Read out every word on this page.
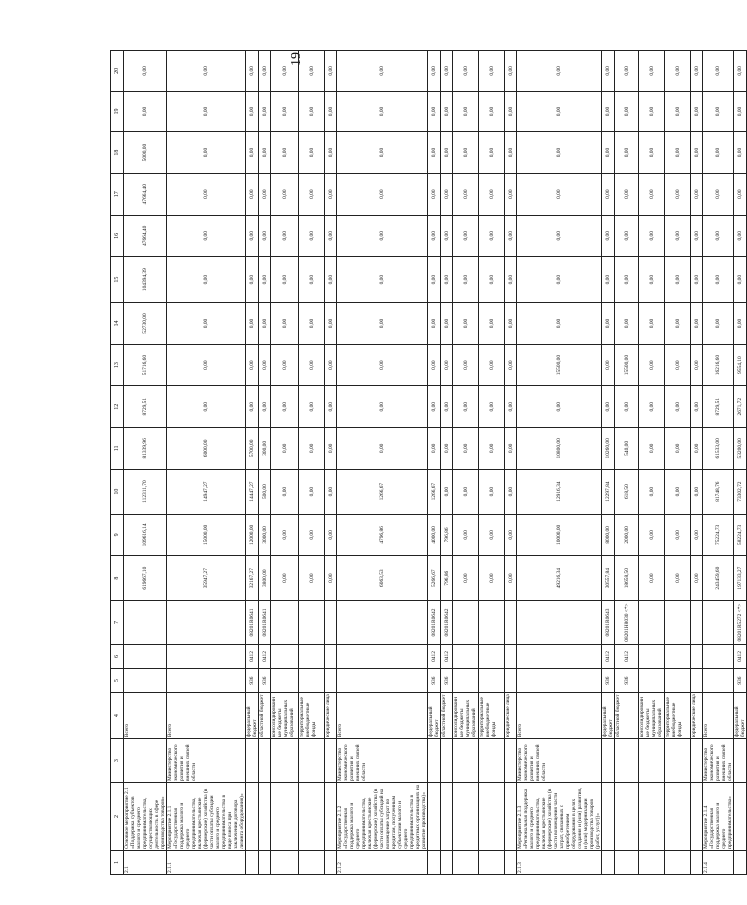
19
1	2	3	4	5	6	7	8	9	10	11	12	13	14	15	16	17	18	19	20
2.1	Основное мероприятие 2.1 «Поддержка субъектов малого и среднего предпринимательства, осуществляющих деятельность в сфере производства товаров»		Всего				619667,10	109616,14	112311,70	81339,96	8729,51	51716,60	52730,00	104394,39	47664,40	47664,40	5000,00	0,00	0,00
2.1.1	Мероприятие 2.1.1 «Государственная поддержка малого и среднего предпринимательства, включая крестьянские (фермерские) хозяйства (в части оплаты субсидии малого и среднего предпринимательства в виде взноса при заключении договора лизинга оборудования)»	Министерство экономического развития и внешних связей области	Всего				35947,27	15000,00	14947,27	6000,00	0,00	0,00	0,00	0,00	0,00	0,00	0,00	0,00	0,00
			федеральный бюджет	936	0412	08201R0641	32167,27	12000,00	14447,27	5700,00	0,00	0,00	0,00	0,00	0,00	0,00	0,00	0,00	0,00
			областной бюджет	936	0412	08201R0641	3800,00	3000,00	500,00	300,00	0,00	0,00	0,00	0,00	0,00	0,00	0,00	0,00	0,00
			консолидированные бюджеты муниципальных образований				0,00	0,00	0,00	0,00	0,00	0,00	0,00	0,00	0,00	0,00	0,00	0,00	0,00
			территориальные внебюджетные фонды				0,00	0,00	0,00	0,00	0,00	0,00	0,00	0,00	0,00	0,00	0,00	0,00	0,00
			юридические лица				0,00	0,00	0,00	0,00	0,00	0,00	0,00	0,00	0,00	0,00	0,00	0,00	0,00
2.1.2	Мероприятие 2.1.2 «Государственная поддержка малого и среднего предпринимательства, включая крестьянские (фермерские) хозяйства (в части оплаты субсидий на возмещение затрат по кредитам, полученным субъектами малого и среднего предпринимательства в кредитных организациях на развитие производства)»	Министерство экономического развития и внешних связей области	Всего				6063,53	4796,86	1266,67	0,00	0,00	0,00	0,00	0,00	0,00	0,00	0,00	0,00	0,00
			федеральный бюджет	936	0412	08201R0642	5266,67	4000,00	1266,67	0,00	0,00	0,00	0,00	0,00	0,00	0,00	0,00	0,00	0,00
			областной бюджет	936	0412	08201R0642	796,86	796,86	0,00	0,00	0,00	0,00	0,00	0,00	0,00	0,00	0,00	0,00	0,00
			консолидированные бюджеты муниципальных образований				0,00	0,00	0,00	0,00	0,00	0,00	0,00	0,00	0,00	0,00	0,00	0,00	0,00
			территориальные внебюджетные фонды				0,00	0,00	0,00	0,00	0,00	0,00	0,00	0,00	0,00	0,00	0,00	0,00	0,00
			юридические лица				0,00	0,00	0,00	0,00	0,00	0,00	0,00	0,00	0,00	0,00	0,00	0,00	0,00
2.1.3	Мероприятие 2.1.3 «Региональная поддержка малого и среднего предпринимательства, включая крестьянские (фермерские) хозяйства (в части возмещения части затрат, связанных с приобретением оборудования в целях создания и (или) развития, и (или) модернизации производства товаров (работ, услуг))»	Министерство экономического развития и внешних связей области	Всего				49216,34	10000,00	12916,34	10800,00	0,00	15500,00	0,00	0,00	0,00	0,00	0,00	0,00	0,00
			федеральный бюджет	936	0412	08201R0643	30557,84	8000,00	12297,84	10260,00	0,00	0,00	0,00	0,00	0,00	0,00	0,00	0,00	0,00
			областной бюджет	936	0412	08201Н8030 <*>	18658,50	2000,00	618,50	540,00	0,00	15500,00	0,00	0,00	0,00	0,00	0,00	0,00	0,00
			консолидированные бюджеты муниципальных образований				0,00	0,00	0,00	0,00	0,00	0,00	0,00	0,00	0,00	0,00	0,00	0,00	0,00
			территориальные внебюджетные фонды				0,00	0,00	0,00	0,00	0,00	0,00	0,00	0,00	0,00	0,00	0,00	0,00	0,00
			юридические лица				0,00	0,00	0,00	0,00	0,00	0,00	0,00	0,00	0,00	0,00	0,00	0,00	0,00
2.1.4	Мероприятие 2.1.4 «Государственная поддержка малого и среднего предпринимательства»	Министерство экономического развития и внешних связей области	Всего				243459,60	75224,73	81748,76	61533,00	8729,51	16216,60	0,00	0,00	0,00	0,00	0,00	0,00	0,00
			федеральный бюджет	936	0412	08201R5272 <*>	197133,27	58224,73	73302,72	53200,00	2671,72	9554,10	0,00	0,00	0,00	0,00	0,00	0,00	0,00
